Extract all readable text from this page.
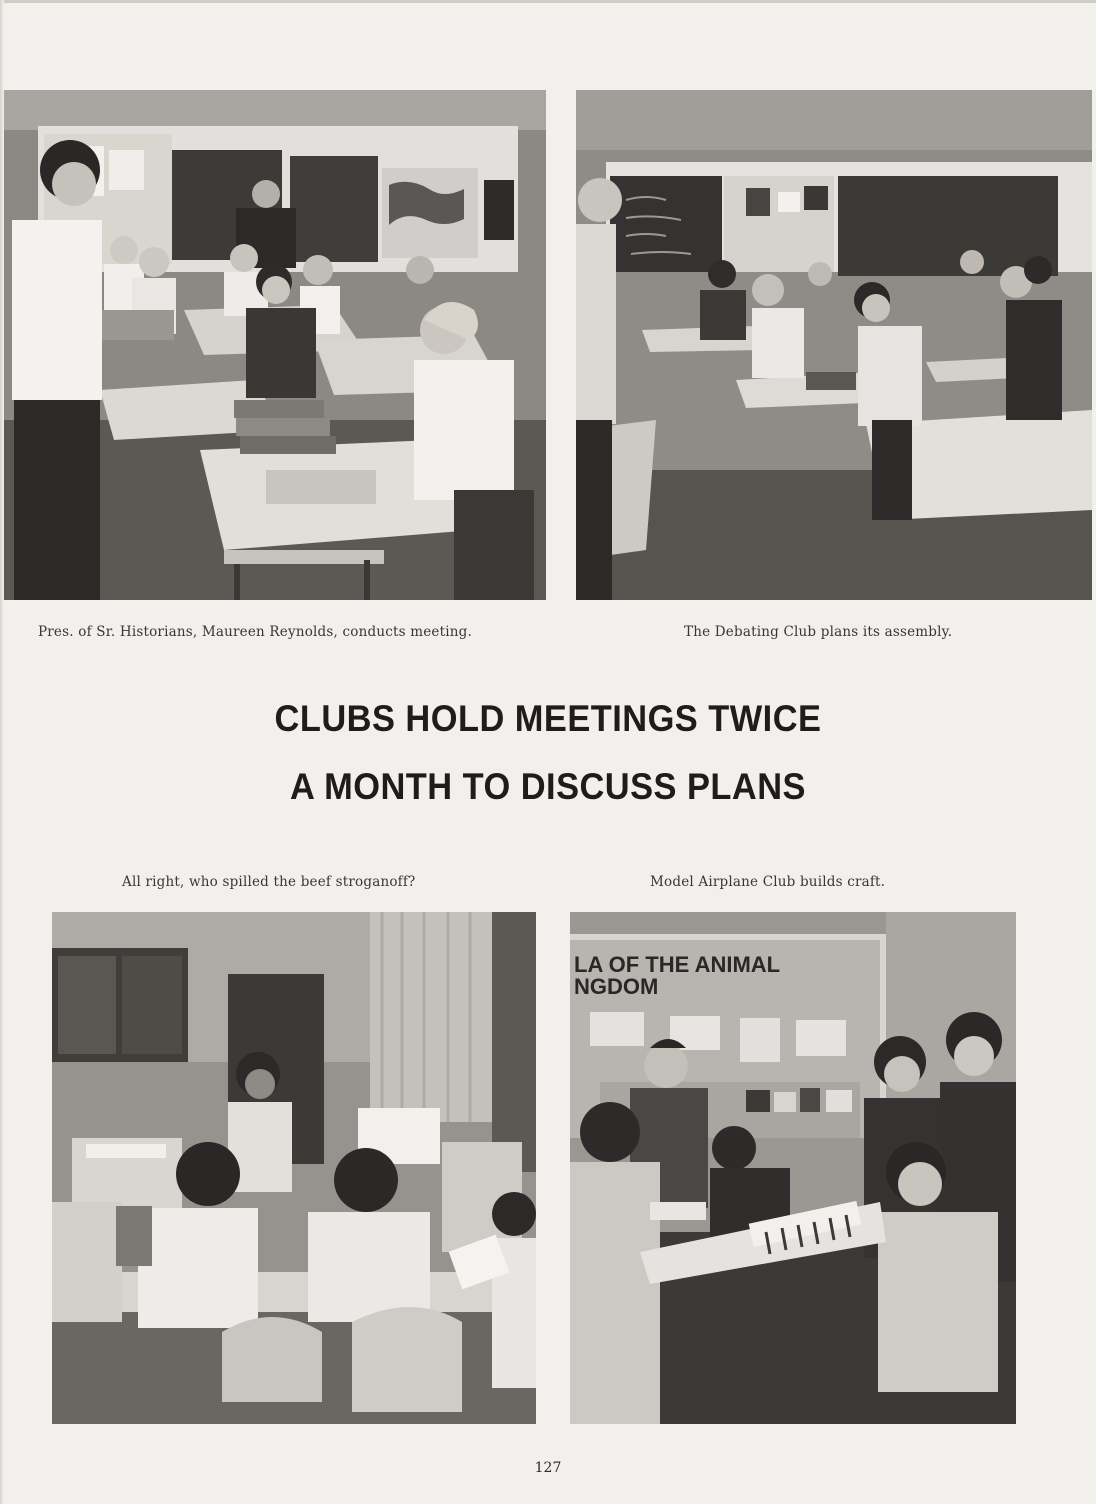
Pres. of Sr. Historians, Maureen Reynolds, conducts meeting.	The Debating Club plans its assembly.
CLUBS HOLD MEETINGS TWICE
A MONTH TO DISCUSS PLANS
All right, who spilled the beef stroganoff?	Model Airplane Club builds craft.
LA OF THE ANIMAL
NGDOM
127
